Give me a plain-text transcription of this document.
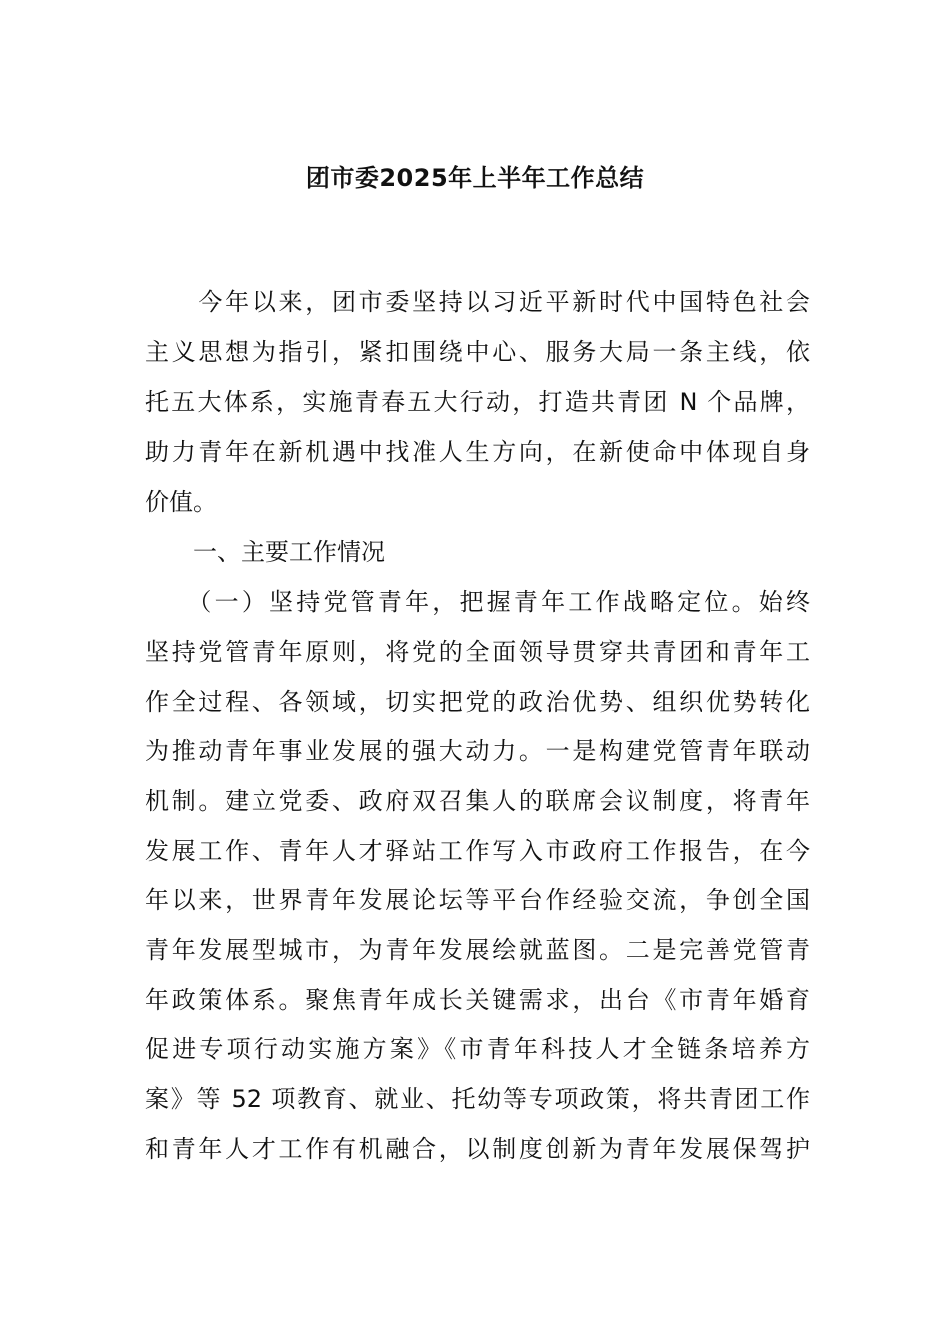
团市委2025年上半年工作总结
　　今年以来，团市委坚持以习近平新时代中国特色社会
主义思想为指引，紧扣围绕中心、服务大局一条主线，依
托五大体系，实施青春五大行动，打造共青团 N 个品牌，
助力青年在新机遇中找准人生方向，在新使命中体现自身
价值。
　　一、主要工作情况
　　（一）坚持党管青年，把握青年工作战略定位。始终
坚持党管青年原则，将党的全面领导贯穿共青团和青年工
作全过程、各领域，切实把党的政治优势、组织优势转化
为推动青年事业发展的强大动力。一是构建党管青年联动
机制。建立党委、政府双召集人的联席会议制度，将青年
发展工作、青年人才驿站工作写入市政府工作报告，在今
年以来，世界青年发展论坛等平台作经验交流，争创全国
青年发展型城市，为青年发展绘就蓝图。二是完善党管青
年政策体系。聚焦青年成长关键需求，出台《市青年婚育
促进专项行动实施方案》《市青年科技人才全链条培养方
案》等 52 项教育、就业、托幼等专项政策，将共青团工作
和青年人才工作有机融合，以制度创新为青年发展保驾护
